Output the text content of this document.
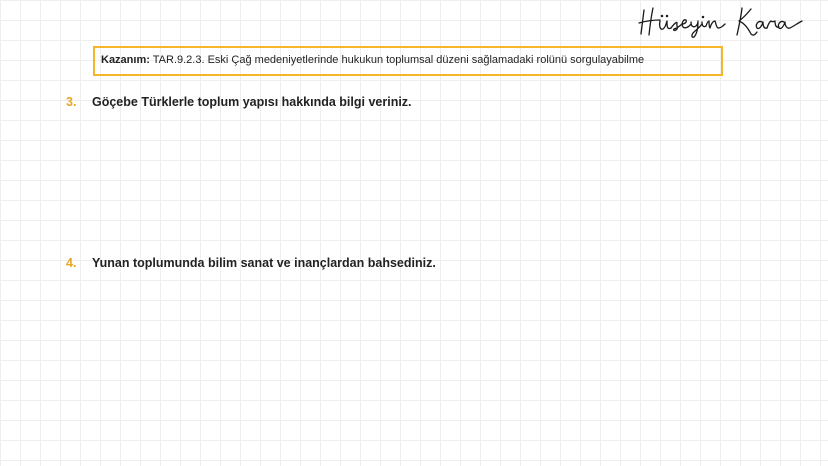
Kazanım: TAR.9.2.3. Eski Çağ medeniyetlerinde hukukun toplumsal düzeni sağlamadaki rolünü sorgulayabilme
3. Göçebe Türklerle toplum yapısı hakkında bilgi veriniz.
4. Yunan toplumunda bilim sanat ve inançlardan bahsediniz.
